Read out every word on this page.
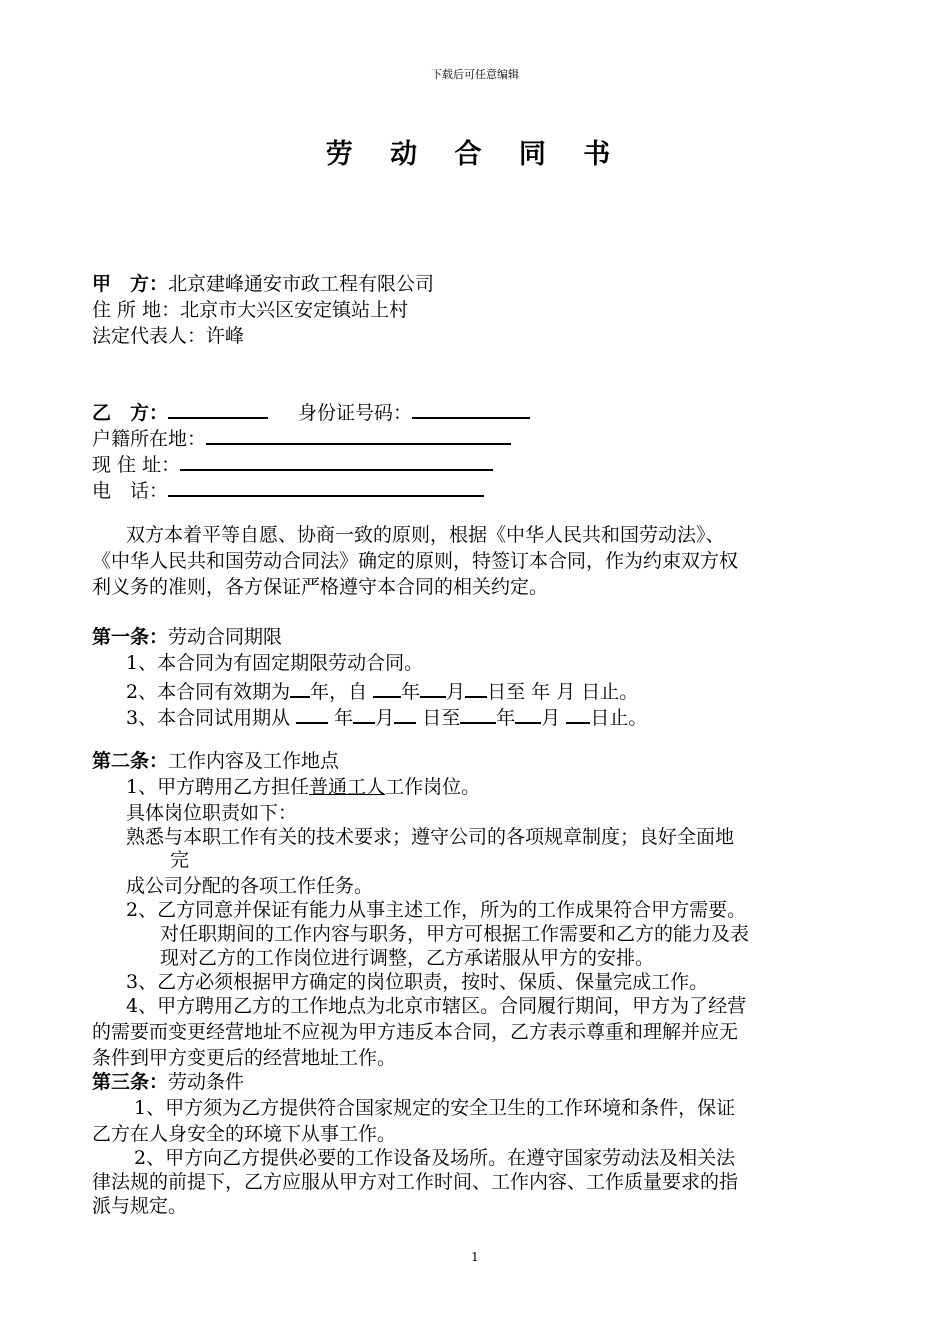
下载后可任意编辑
劳 动 合 同 书
甲　方：北京建峰通安市政工程有限公司
住 所 地：北京市大兴区安定镇站上村
法定代表人：许峰
乙　方：	身份证号码：
户籍所在地：
现 住 址：
电　话：
双方本着平等自愿、协商一致的原则，根据《中华人民共和国劳动法》、
《中华人民共和国劳动合同法》确定的原则，特签订本合同，作为约束双方权
利义务的准则，各方保证严格遵守本合同的相关约定。
第一条：劳动合同期限
1、本合同为有固定期限劳动合同。
2、本合同有效期为 年，自 年 月 日至 年 月 日止。
3、本合同试用期从  年 月 日至 年 月 日止。
第二条：工作内容及工作地点
1、甲方聘用乙方担任普通工人工作岗位。
具体岗位职责如下：
熟悉与本职工作有关的技术要求；遵守公司的各项规章制度；良好全面地
完
成公司分配的各项工作任务。
2、乙方同意并保证有能力从事主述工作，所为的工作成果符合甲方需要。
对任职期间的工作内容与职务，甲方可根据工作需要和乙方的能力及表
现对乙方的工作岗位进行调整，乙方承诺服从甲方的安排。
3、乙方必须根据甲方确定的岗位职责，按时、保质、保量完成工作。
4、甲方聘用乙方的工作地点为北京市辖区。合同履行期间，甲方为了经营
的需要而变更经营地址不应视为甲方违反本合同，乙方表示尊重和理解并应无
条件到甲方变更后的经营地址工作。
第三条：劳动条件
1、甲方须为乙方提供符合国家规定的安全卫生的工作环境和条件，保证
乙方在人身安全的环境下从事工作。
2、甲方向乙方提供必要的工作设备及场所。在遵守国家劳动法及相关法
律法规的前提下，乙方应服从甲方对工作时间、工作内容、工作质量要求的指
派与规定。
1
